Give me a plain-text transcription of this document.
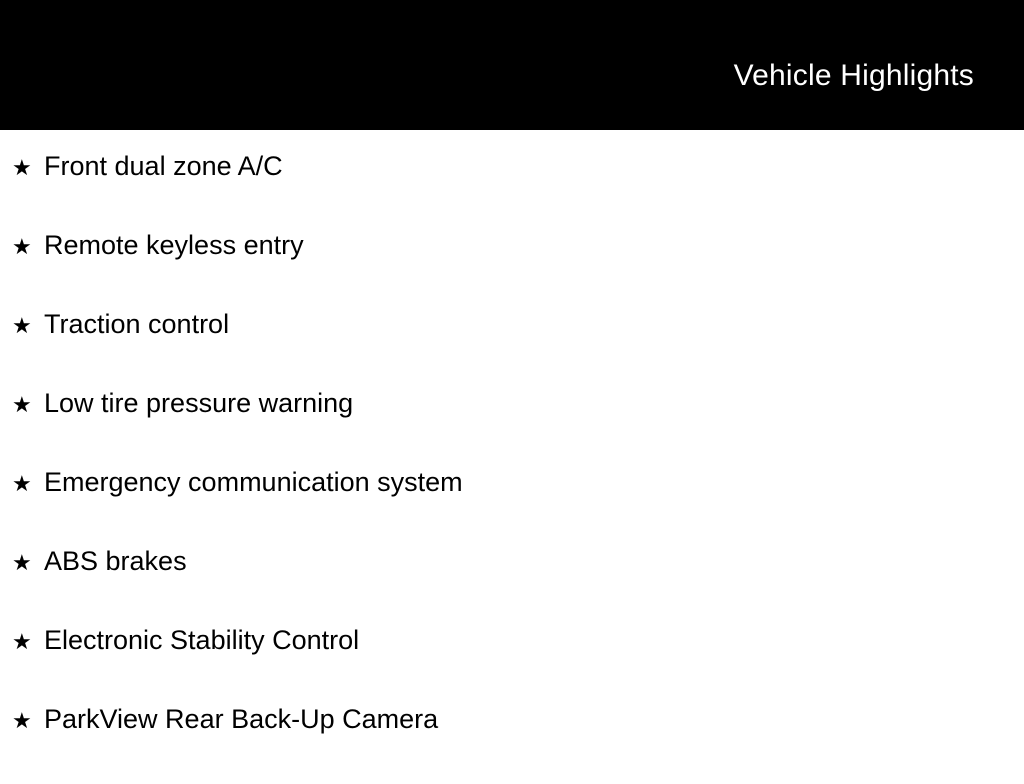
Vehicle Highlights
★ Front dual zone A/C
★ Remote keyless entry
★ Traction control
★ Low tire pressure warning
★ Emergency communication system
★ ABS brakes
★ Electronic Stability Control
★ ParkView Rear Back-Up Camera
